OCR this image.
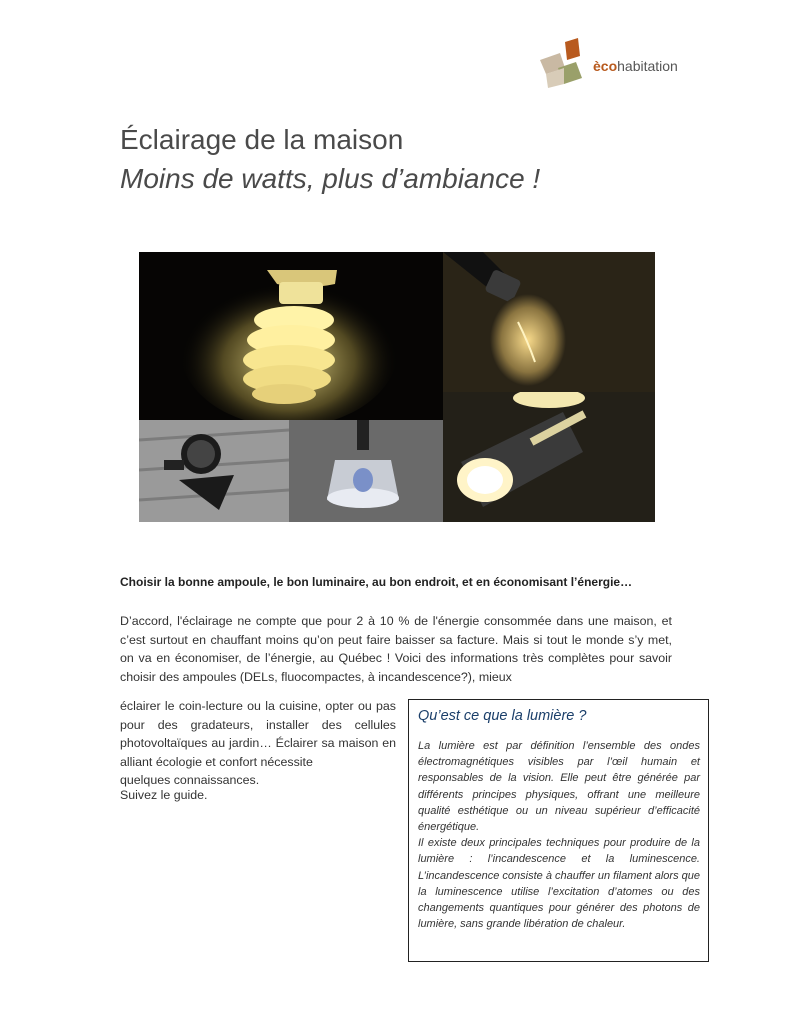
ècohabitation
Éclairage de la maison
Moins de watts, plus d’ambiance !
Choisir la bonne ampoule, le bon luminaire, au bon endroit, et en économisant l’énergie…
D’accord, l'éclairage ne compte que pour 2 à 10 % de l'énergie consommée dans une maison, et c’est surtout en chauffant moins qu’on peut faire baisser sa facture. Mais si tout le monde s’y met, on va en économiser, de l’énergie, au Québec ! Voici des informations très complètes pour savoir choisir des ampoules (DELs, fluocompactes, à incandescence?), mieux
éclairer le coin-lecture ou la cuisine, opter ou pas pour des gradateurs, installer des cellules photovoltaïques au jardin… Éclairer sa maison en alliant écologie et confort nécessite
quelques connaissances.
Suivez le guide.
Qu’est ce que la lumière ?

La lumière est par définition l’ensemble des ondes électromagnétiques visibles par l’œil humain et responsables de la vision. Elle peut être générée par différents principes physiques, offrant une meilleure qualité esthétique ou un niveau supérieur d’efficacité énergétique.

Il existe deux principales techniques pour produire de la lumière : l’incandescence et la luminescence. L’incandescence consiste à chauffer un filament alors que la luminescence utilise l’excitation d’atomes ou des changements quantiques pour générer des photons de lumière, sans grande libération de chaleur.
